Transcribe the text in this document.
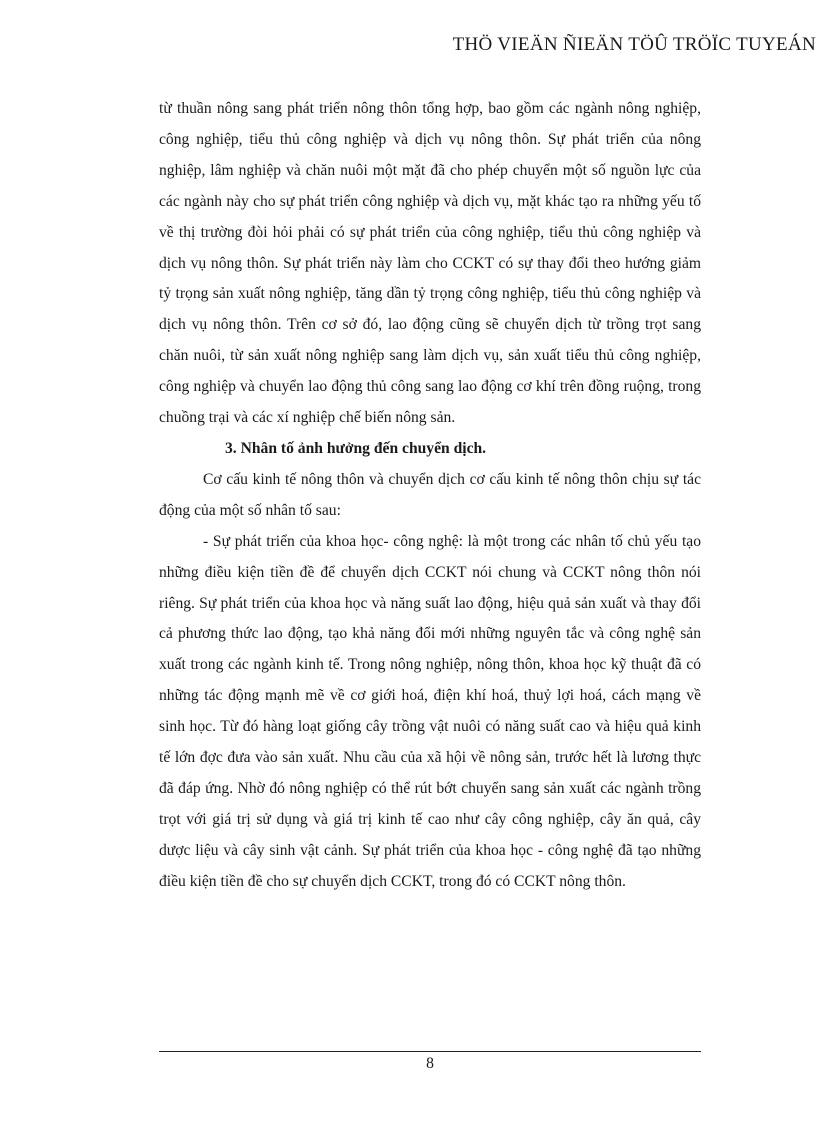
THÖ VIEÄN ÑIEÄN TÖÛ TRÖÏC TUYEÁN

từ thuần nông sang phát triển nông thôn tổng hợp, bao gồm các ngành nông nghiệp, công nghiệp, tiểu thủ công nghiệp và dịch vụ nông thôn. Sự phát triển của nông nghiệp, lâm nghiệp và chăn nuôi một mặt đã cho phép chuyển một số nguồn lực của các ngành này cho sự phát triển công nghiệp và dịch vụ, mặt khác tạo ra những yếu tố về thị trường đòi hỏi phải có sự phát triển của công nghiệp, tiểu thủ công nghiệp và dịch vụ nông thôn. Sự phát triển này làm cho CCKT có sự thay đổi theo hướng giảm tỷ trọng sản xuất nông nghiệp, tăng dần tỷ trọng công nghiệp, tiểu thủ công nghiệp và dịch vụ nông thôn. Trên cơ sở đó, lao động cũng sẽ chuyển dịch từ trồng trọt sang chăn nuôi, từ sản xuất nông nghiệp sang làm dịch vụ, sản xuất tiểu thủ công nghiệp, công nghiệp và chuyển lao động thủ công sang lao động cơ khí trên đồng ruộng, trong chuồng trại và các xí nghiệp chế biến nông sản.

3. Nhân tố ảnh hưởng đến chuyển dịch.

Cơ cấu kinh tế nông thôn và chuyển dịch cơ cấu kinh tế nông thôn chịu sự tác động của một số nhân tố sau:

- Sự phát triển của khoa học- công nghệ: là một trong các nhân tố chủ yếu tạo những điều kiện tiền đề để chuyển dịch CCKT nói chung và CCKT nông thôn nói riêng. Sự phát triển của khoa học và năng suất lao động, hiệu quả sản xuất và thay đổi cả phương thức lao động, tạo khả năng đổi mới những nguyên tắc và công nghệ sản xuất trong các ngành kinh tế. Trong nông nghiệp, nông thôn, khoa học kỹ thuật đã có những tác động mạnh mẽ về cơ giới hoá, điện khí hoá, thuỷ lợi hoá, cách mạng về sinh học. Từ đó hàng loạt giống cây trồng vật nuôi có năng suất cao và hiệu quả kinh tế lớn đợc đưa vào sản xuất. Nhu cầu của xã hội về nông sản, trước hết là lương thực đã đáp ứng. Nhờ đó nông nghiệp có thể rút bớt chuyển sang sản xuất các ngành trồng trọt với giá trị sử dụng và giá trị kinh tế cao như cây công nghiệp, cây ăn quả, cây dược liệu và cây sinh vật cảnh. Sự phát triển của khoa học - công nghệ đã tạo những điều kiện tiền đề cho sự chuyển dịch CCKT, trong đó có CCKT nông thôn.

8
